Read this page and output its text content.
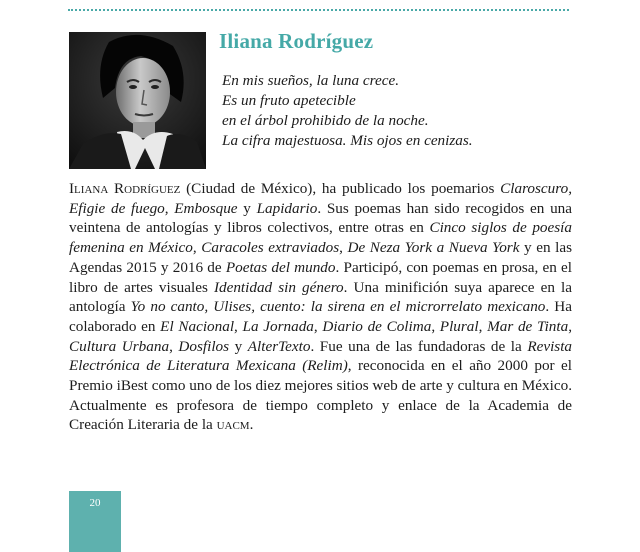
Iliana Rodríguez
En mis sueños, la luna crece.
Es un fruto apetecible
en el árbol prohibido de la noche.
La cifra majestuosa. Mis ojos en cenizas.

Iliana Rodríguez (Ciudad de México), ha publicado los poemarios Claroscuro, Efigie de fuego, Embosque y Lapidario. Sus poemas han sido recogidos en una veintena de antologías y libros colectivos, entre otras en Cinco siglos de poesía femenina en México, Caracoles extraviados, De Neza York a Nueva York y en las Agendas 2015 y 2016 de Poetas del mundo. Participó, con poemas en prosa, en el libro de artes visuales Identidad sin género. Una minifición suya aparece en la antología Yo no canto, Ulises, cuento: la sirena en el microrrelato mexicano. Ha colaborado en El Nacional, La Jornada, Diario de Colima, Plural, Mar de Tinta, Cultura Urbana, Dosfilos y AlterTexto. Fue una de las fundadoras de la Revista Electrónica de Literatura Mexicana (Relim), reconocida en el año 2000 por el Premio iBest como uno de los diez mejores sitios web de arte y cultura en México. Actualmente es profesora de tiempo completo y enlace de la Academia de Creación Literaria de la uacm.

20
